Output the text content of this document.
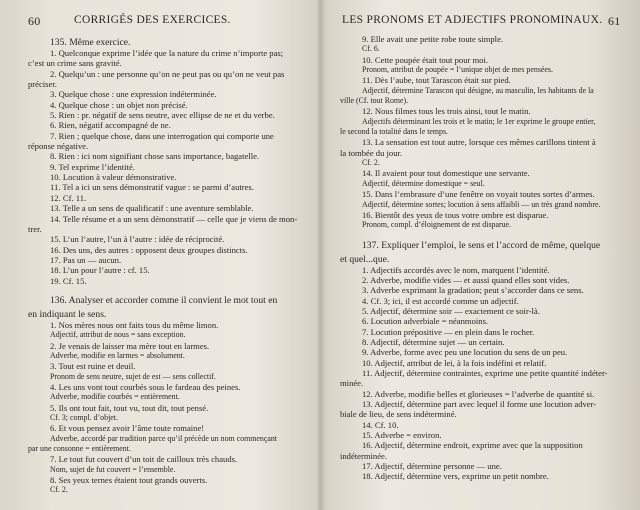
60	CORRIGÉS DES EXERCICES.
135. Même exercice.
1. Quelconque exprime l’idée que la nature du crime n’importe pas;
c’est un crime sans gravité.
2. Quelqu’un : une personne qu’on ne peut pas ou qu’on ne veut pas
préciser.
3. Quelque chose : une expression indéterminée.
4. Quelque chose : un objet non précisé.
5. Rien : pr. négatif de sens neutre, avec ellipse de ne et du verbe.
6. Rien, négatif accompagné de ne.
7. Rien ; quelque chose, dans une interrogation qui comporte une
réponse négative.
8. Rien : ici nom signifiant chose sans importance, bagatelle.
9. Tel exprime l’identité.
10. Locution à valeur démonstrative.
11. Tel a ici un sens démonstratif vague : se parmi d’autres.
12. Cf. 11.
13. Telle a un sens de qualificatif : une aventure semblable.
14. Telle résume et a un sens démonstratif — celle que je viens de mon-
trer.
15. L’un l’autre, l’un à l’autre : idée de réciprocité.
16. Des uns, des autres : opposent deux groupes distincts.
17. Pas un — aucun.
18. L’un pour l’autre : cf. 15.
19. Cf. 15.
136. Analyser et accorder comme il convient le mot tout en
en indiquant le sens.
1. Nos mères nous ont faits tous du même limon.
Adjectif, attribut de nous = sans exception.
2. Je venais de laisser ma mère tout en larmes.
Adverbe, modifie en larmes = absolument.
3. Tout est ruine et deuil.
Pronom de sens neutre, sujet de est — sens collectif.
4. Les uns vont tout courbés sous le fardeau des peines.
Adverbe, modifie courbés = entièrement.
5. Ils ont tout fait, tout vu, tout dit, tout pensé.
Cf. 3; compl. d’objet.
6. Et vous pensez avoir l’âme toute romaine!
Adverbe, accordé par tradition parce qu’il précède un nom commençant
par une consonne = entièrement.
7. Le tout fut couvert d’un toit de cailloux très chauds.
Nom, sujet de fut couvert = l’ensemble.
8. Ses yeux ternes étaient tout grands ouverts.
Cf. 2.
LES PRONOMS ET ADJECTIFS PRONOMINAUX. 61
9. Elle avait une petite robe toute simple.
Cf. 6.
10. Cette poupée était tout pour moi.
Pronom, attribut de poupée = l’unique objet de mes pensées.
11. Dès l’aube, tout Tarascon était sur pied.
Adjectif, détermine Tarascon qui désigne, au masculin, les habitants de la
ville (Cf. tout Rome).
12. Nous filmes tous les trois ainsi, tout le matin.
Adjectifs déterminant les trois et le matin; le 1er exprime le groupe entier,
le second la totalité dans le temps.
13. La sensation est tout autre, lorsque ces mêmes carillons tintent à
la tombée du jour.
Cf. 2.
14. Il avaient pour tout domestique une servante.
Adjectif, détermine domestique = seul.
15. Dans l’embrasure d’une fenêtre on voyait toutes sortes d’armes.
Adjectif, détermine sortes; locution à sens affaibli — un très grand nombre.
16. Bientôt des yeux de tous votre ombre est disparue.
Pronom, compl. d’éloignement de est disparue.
137. Expliquer l’emploi, le sens et l’accord de même, quelque
et quel...que.
1. Adjectifs accordés avec le nom, marquent l’identité.
2. Adverbe, modifie vides — et aussi quand elles sont vides.
3. Adverbe exprimant la gradation; peut s’accorder dans ce sens.
4. Cf. 3; ici, il est accordé comme un adjectif.
5. Adjectif, détermine soir — exactement ce soir-là.
6. Locution adverbiale = néanmoins.
7. Locution prépositive — en plein dans le rocher.
8. Adjectif, détermine sujet — un certain.
9. Adverbe, forme avec peu une locution du sens de un peu.
10. Adjectif, attribut de lei, à la fois indéfini et relatif.
11. Adjectif, détermine contraintes, exprime une petite quantité indéter-
minée.
12. Adverbe, modifie belles et glorieuses = l’adverbe de quantité si.
13. Adjectif, détermine part avec lequel il forme une locution adver-
biale de lieu, de sens indéterminé.
14. Cf. 10.
15. Adverbe = environ.
16. Adjectif, détermine endroit, exprime avec que la supposition
indéterminée.
17. Adjectif, détermine personne — une.
18. Adjectif, détermine vers, exprime un petit nombre.
